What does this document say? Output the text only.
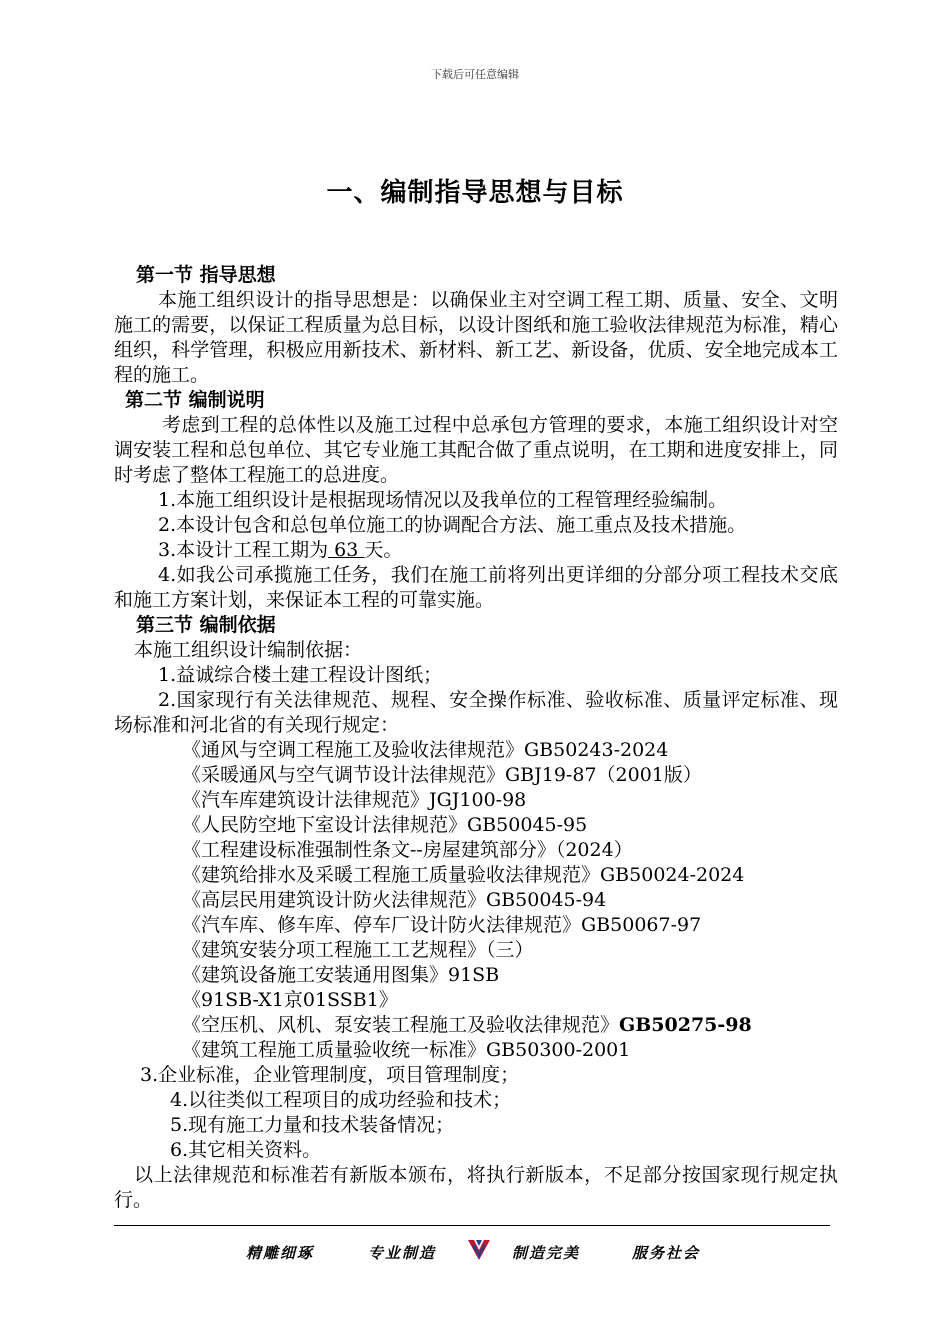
下载后可任意编辑
一、编制指导思想与目标

第一节 指导思想

本施工组织设计的指导思想是：以确保业主对空调工程工期、质量、安全、文明施工的需要，以保证工程质量为总目标，以设计图纸和施工验收法律规范为标准，精心组织，科学管理，积极应用新技术、新材料、新工艺、新设备，优质、安全地完成本工程的施工。

第二节 编制说明

考虑到工程的总体性以及施工过程中总承包方管理的要求，本施工组织设计对空调安装工程和总包单位、其它专业施工其配合做了重点说明，在工期和进度安排上，同时考虑了整体工程施工的总进度。

1.本施工组织设计是根据现场情况以及我单位的工程管理经验编制。

2.本设计包含和总包单位施工的协调配合方法、施工重点及技术措施。

3.本设计工程工期为 63 天。

4.如我公司承揽施工任务，我们在施工前将列出更详细的分部分项工程技术交底和施工方案计划，来保证本工程的可靠实施。

第三节 编制依据

本施工组织设计编制依据：

1.益诚综合楼土建工程设计图纸；

2.国家现行有关法律规范、规程、安全操作标准、验收标准、质量评定标准、现场标准和河北省的有关现行规定：

《通风与空调工程施工及验收法律规范》GB50243-2024

《采暖通风与空气调节设计法律规范》GBJ19-87（2001版）

《汽车库建筑设计法律规范》JGJ100-98

《人民防空地下室设计法律规范》GB50045-95

《工程建设标准强制性条文--房屋建筑部分》（2024）

《建筑给排水及采暖工程施工质量验收法律规范》GB50024-2024

《高层民用建筑设计防火法律规范》GB50045-94

《汽车库、修车库、停车厂设计防火法律规范》GB50067-97

《建筑安装分项工程施工工艺规程》（三）

《建筑设备施工安装通用图集》91SB

《91SB-X1京01SSB1》

《空压机、风机、泵安装工程施工及验收法律规范》GB50275-98

《建筑工程施工质量验收统一标准》GB50300-2001

3.企业标准，企业管理制度，项目管理制度；

4.以往类似工程项目的成功经验和技术；

5.现有施工力量和技术装备情况；

6.其它相关资料。

以上法律规范和标准若有新版本颁布，将执行新版本，不足部分按国家现行规定执行。

精雕细琢	专业制造	制造完美	服务社会
